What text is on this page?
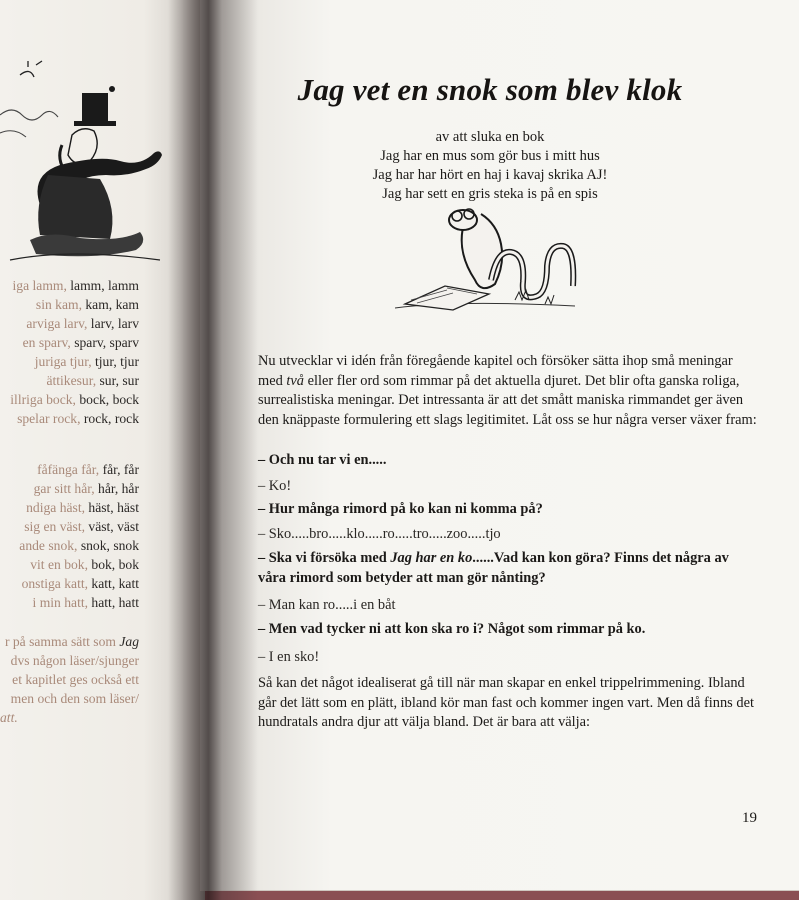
iga lamm, lamm, lamm
sin kam, kam, kam
arviga larv, larv, larv
en sparv, sparv, sparv
juriga tjur, tjur, tjur
ättikesur, sur, sur
illriga bock, bock, bock
spelar rock, rock, rock
fåfänga får, får, får
gar sitt hår, hår, hår
ndiga häst, häst, häst
sig en väst, väst, väst
ande snok, snok, snok
vit en bok, bok, bok
onstiga katt, katt, katt
i min hatt, hatt, hatt
r på samma sätt som Jag
dvs någon läser/sjunger
et kapitlet ges också ett
men och den som läser/
att.
Jag vet en snok som blev klok
av att sluka en bok
Jag har en mus som gör bus i mitt hus
Jag har har hört en haj i kavaj skrika AJ!
Jag har sett en gris steka is på en spis
Nu utvecklar vi idén från föregående kapitel och försöker sätta ihop små meningar med två eller fler ord som rimmar på det aktuella djuret. Det blir ofta ganska roliga, surrealistiska meningar. Det intressanta är att det smått maniska rimmandet ger även den knäppaste formulering ett slags legitimitet. Låt oss se hur några verser växer fram:
– Och nu tar vi en.....
– Ko!
– Hur många rimord på ko kan ni komma på?
– Sko.....bro.....klo.....ro.....tro.....zoo.....tjo
– Ska vi försöka med Jag har en ko......Vad kan kon göra? Finns det några av våra rimord som betyder att man gör nånting?
– Man kan ro.....i en båt
– Men vad tycker ni att kon ska ro i? Något som rimmar på ko.
– I en sko!
Så kan det något idealiserat gå till när man skapar en enkel trippelrimmening. Ibland går det lätt som en plätt, ibland kör man fast och kommer ingen vart. Men då finns det hundratals andra djur att välja bland. Det är bara att välja:
19
